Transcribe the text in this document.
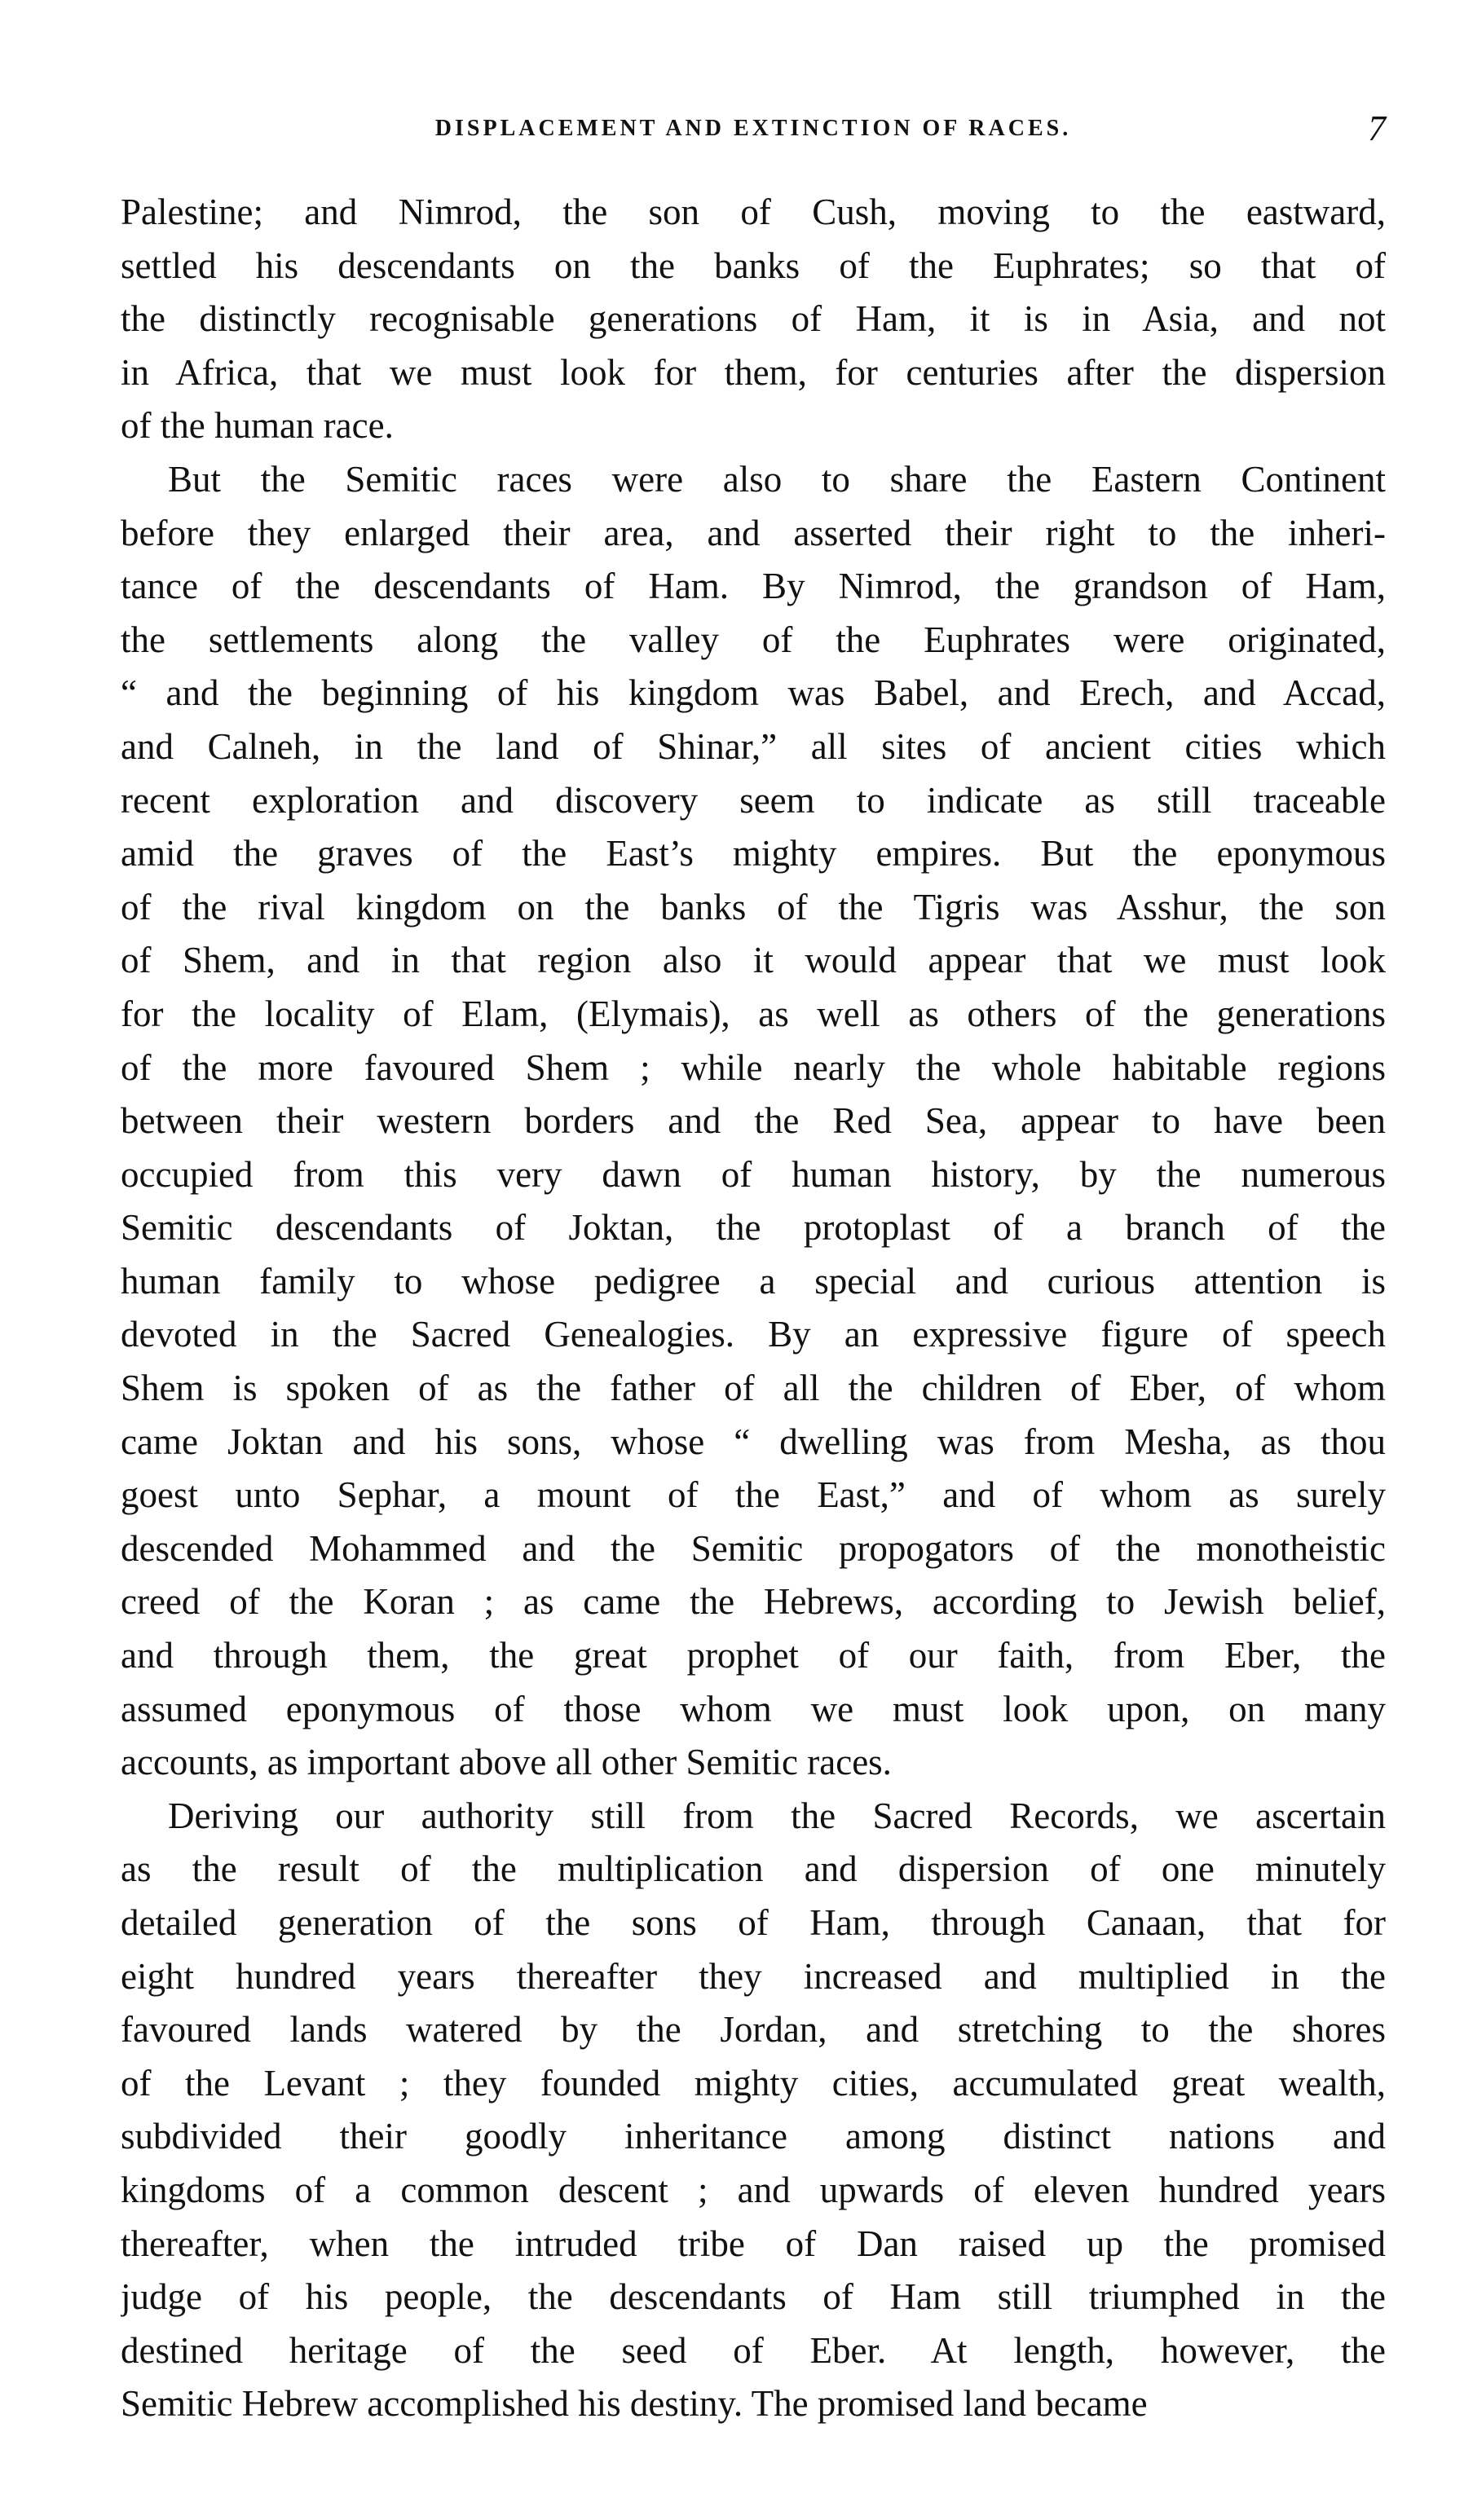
DISPLACEMENT AND EXTINCTION OF RACES.	7
Palestine; and Nimrod, the son of Cush, moving to the eastward,
settled his descendants on the banks of the Euphrates; so that of
the distinctly recognisable generations of Ham, it is in Asia, and not
in Africa, that we must look for them, for centuries after the dispersion
of the human race.
But the Semitic races were also to share the Eastern Continent
before they enlarged their area, and asserted their right to the inheri-
tance of the descendants of Ham. By Nimrod, the grandson of Ham,
the settlements along the valley of the Euphrates were originated,
“ and the beginning of his kingdom was Babel, and Erech, and Accad,
and Calneh, in the land of Shinar,” all sites of ancient cities which
recent exploration and discovery seem to indicate as still traceable
amid the graves of the East’s mighty empires. But the eponymous
of the rival kingdom on the banks of the Tigris was Asshur, the son
of Shem, and in that region also it would appear that we must look
for the locality of Elam, (Elymais), as well as others of the generations
of the more favoured Shem ; while nearly the whole habitable regions
between their western borders and the Red Sea, appear to have been
occupied from this very dawn of human history, by the numerous
Semitic descendants of Joktan, the protoplast of a branch of the
human family to whose pedigree a special and curious attention is
devoted in the Sacred Genealogies. By an expressive figure of speech
Shem is spoken of as the father of all the children of Eber, of whom
came Joktan and his sons, whose “ dwelling was from Mesha, as thou
goest unto Sephar, a mount of the East,” and of whom as surely
descended Mohammed and the Semitic propogators of the monotheistic
creed of the Koran ; as came the Hebrews, according to Jewish belief,
and through them, the great prophet of our faith, from Eber, the
assumed eponymous of those whom we must look upon, on many
accounts, as important above all other Semitic races.
Deriving our authority still from the Sacred Records, we ascertain
as the result of the multiplication and dispersion of one minutely
detailed generation of the sons of Ham, through Canaan, that for
eight hundred years thereafter they increased and multiplied in the
favoured lands watered by the Jordan, and stretching to the shores
of the Levant ; they founded mighty cities, accumulated great wealth,
subdivided their goodly inheritance among distinct nations and
kingdoms of a common descent ; and upwards of eleven hundred years
thereafter, when the intruded tribe of Dan raised up the promised
judge of his people, the descendants of Ham still triumphed in the
destined heritage of the seed of Eber. At length, however, the
Semitic Hebrew accomplished his destiny. The promised land became
